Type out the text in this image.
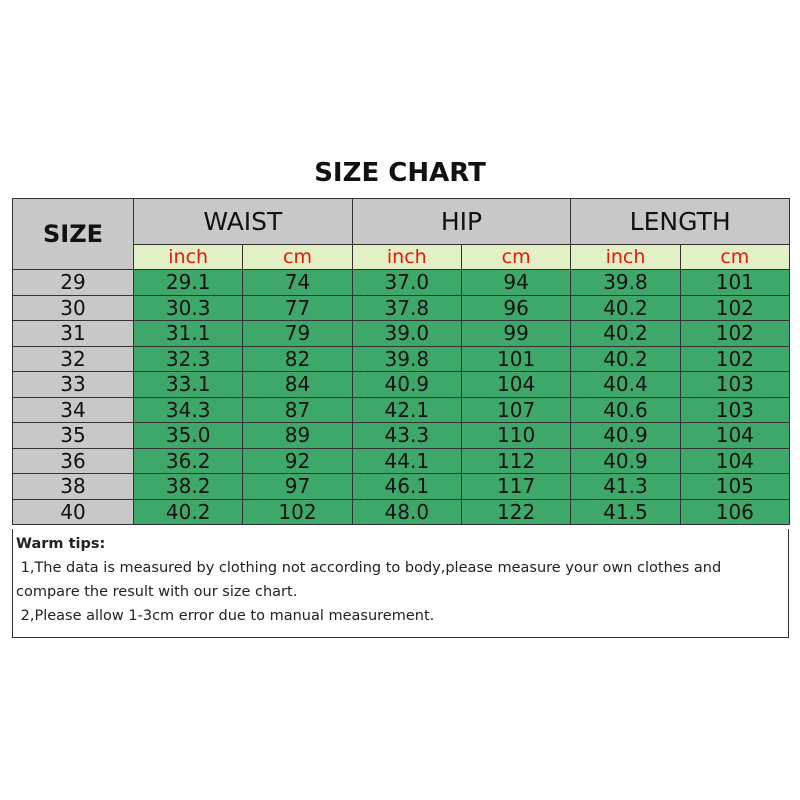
SIZE CHART
SIZE	WAIST		HIP		LENGTH	
	inch	cm	inch	cm	inch	cm
29	29.1	74	37.0	94	39.8	101
30	30.3	77	37.8	96	40.2	102
31	31.1	79	39.0	99	40.2	102
32	32.3	82	39.8	101	40.2	102
33	33.1	84	40.9	104	40.4	103
34	34.3	87	42.1	107	40.6	103
35	35.0	89	43.3	110	40.9	104
36	36.2	92	44.1	112	40.9	104
38	38.2	97	46.1	117	41.3	105
40	40.2	102	48.0	122	41.5	106

Warm tips:

1,The data is measured by clothing not according to body,please measure your own clothes and compare the result with our size chart.

2,Please allow 1-3cm error due to manual measurement.
